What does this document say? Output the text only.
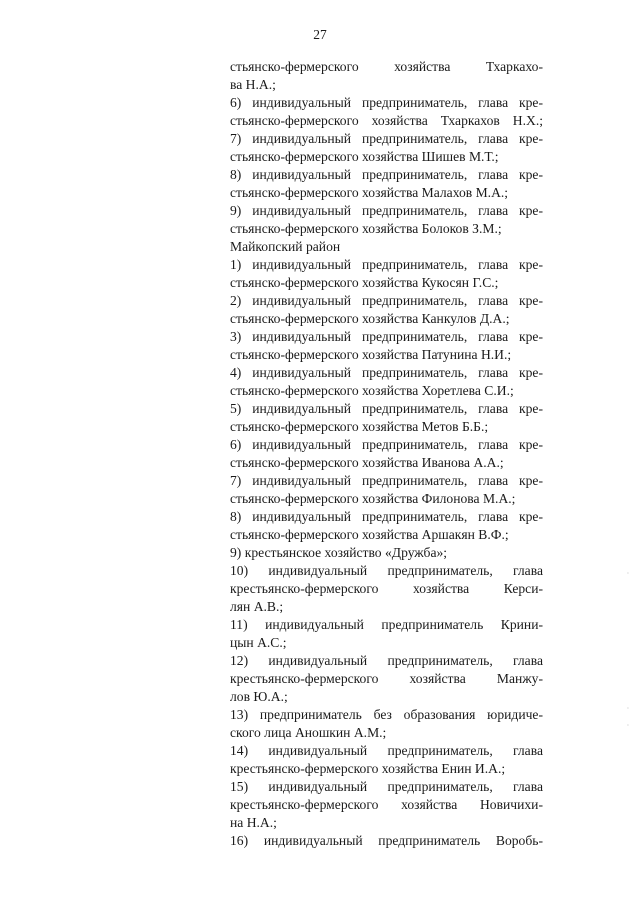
27
стьянско-фермерского хозяйства Тхаркахо-
ва Н.А.;
6) индивидуальный предприниматель, глава кре-
стьянско-фермерского хозяйства Тхаркахов Н.Х.;
7) индивидуальный предприниматель, глава кре-
стьянско-фермерского хозяйства Шишев М.Т.;
8) индивидуальный предприниматель, глава кре-
стьянско-фермерского хозяйства Малахов М.А.;
9) индивидуальный предприниматель, глава кре-
стьянско-фермерского хозяйства Болоков З.М.;
Майкопский район
1) индивидуальный предприниматель, глава кре-
стьянско-фермерского хозяйства Кукосян Г.С.;
2) индивидуальный предприниматель, глава кре-
стьянско-фермерского хозяйства Канкулов Д.А.;
3) индивидуальный предприниматель, глава кре-
стьянско-фермерского хозяйства Патунина Н.И.;
4) индивидуальный предприниматель, глава кре-
стьянско-фермерского хозяйства Хоретлева С.И.;
5) индивидуальный предприниматель, глава кре-
стьянско-фермерского хозяйства Метов Б.Б.;
6) индивидуальный предприниматель, глава кре-
стьянско-фермерского хозяйства Иванова А.А.;
7) индивидуальный предприниматель, глава кре-
стьянско-фермерского хозяйства Филонова М.А.;
8) индивидуальный предприниматель, глава кре-
стьянско-фермерского хозяйства Аршакян В.Ф.;
9) крестьянское хозяйство «Дружба»;
10) индивидуальный предприниматель, глава
крестьянско-фермерского хозяйства Керси-
лян А.В.;
11) индивидуальный предприниматель Крини-
цын А.С.;
12) индивидуальный предприниматель, глава
крестьянско-фермерского хозяйства Манжу-
лов Ю.А.;
13) предприниматель без образования юридиче-
ского лица Аношкин А.М.;
14) индивидуальный предприниматель, глава
крестьянско-фермерского хозяйства Енин И.А.;
15) индивидуальный предприниматель, глава
крестьянско-фермерского хозяйства Новичихи-
на Н.А.;
16) индивидуальный предприниматель Воробь-
·
·
·
